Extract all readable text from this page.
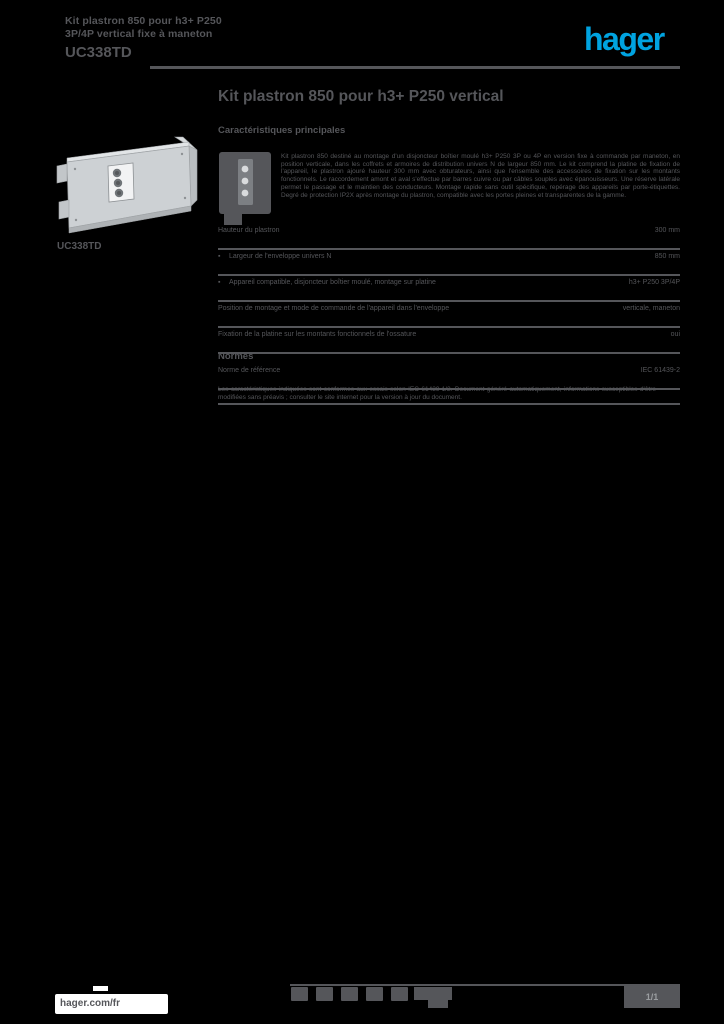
Kit plastron 850 pour h3+ P250
3P/4P vertical fixe à maneton
UC338TD	hager
UC338TD
Kit plastron 850 pour h3+ P250 vertical
Caractéristiques principales
Kit plastron 850 destiné au montage d'un disjoncteur boîtier moulé h3+ P250 3P ou 4P en version fixe à commande par maneton, en position verticale, dans les coffrets et armoires de distribution univers N de largeur 850 mm. Le kit comprend la platine de fixation de l'appareil, le plastron ajouré hauteur 300 mm avec obturateurs, ainsi que l'ensemble des accessoires de fixation sur les montants fonctionnels. Le raccordement amont et aval s'effectue par barres cuivre ou par câbles souples avec épanouisseurs. Une réserve latérale permet le passage et le maintien des conducteurs. Montage rapide sans outil spécifique, repérage des appareils par porte-étiquettes. Degré de protection IP2X après montage du plastron, compatible avec les portes pleines et transparentes de la gamme.
Hauteur du plastron	300 mm
▪ Largeur de l'enveloppe univers N	850 mm
▪ Appareil compatible, disjoncteur boîtier moulé, montage sur platine	h3+ P250 3P/4P
Position de montage et mode de commande de l'appareil dans l'enveloppe	verticale, maneton
Fixation de la platine sur les montants fonctionnels de l'ossature	oui
Normes
Norme de référence	IEC 61439-2
Les caractéristiques indiquées sont conformes aux essais selon IEC 61439-1/2. Document généré automatiquement, informations susceptibles d'être modifiées sans préavis ; consulter le site internet pour la version à jour du document.
hager.com/fr
1/1
